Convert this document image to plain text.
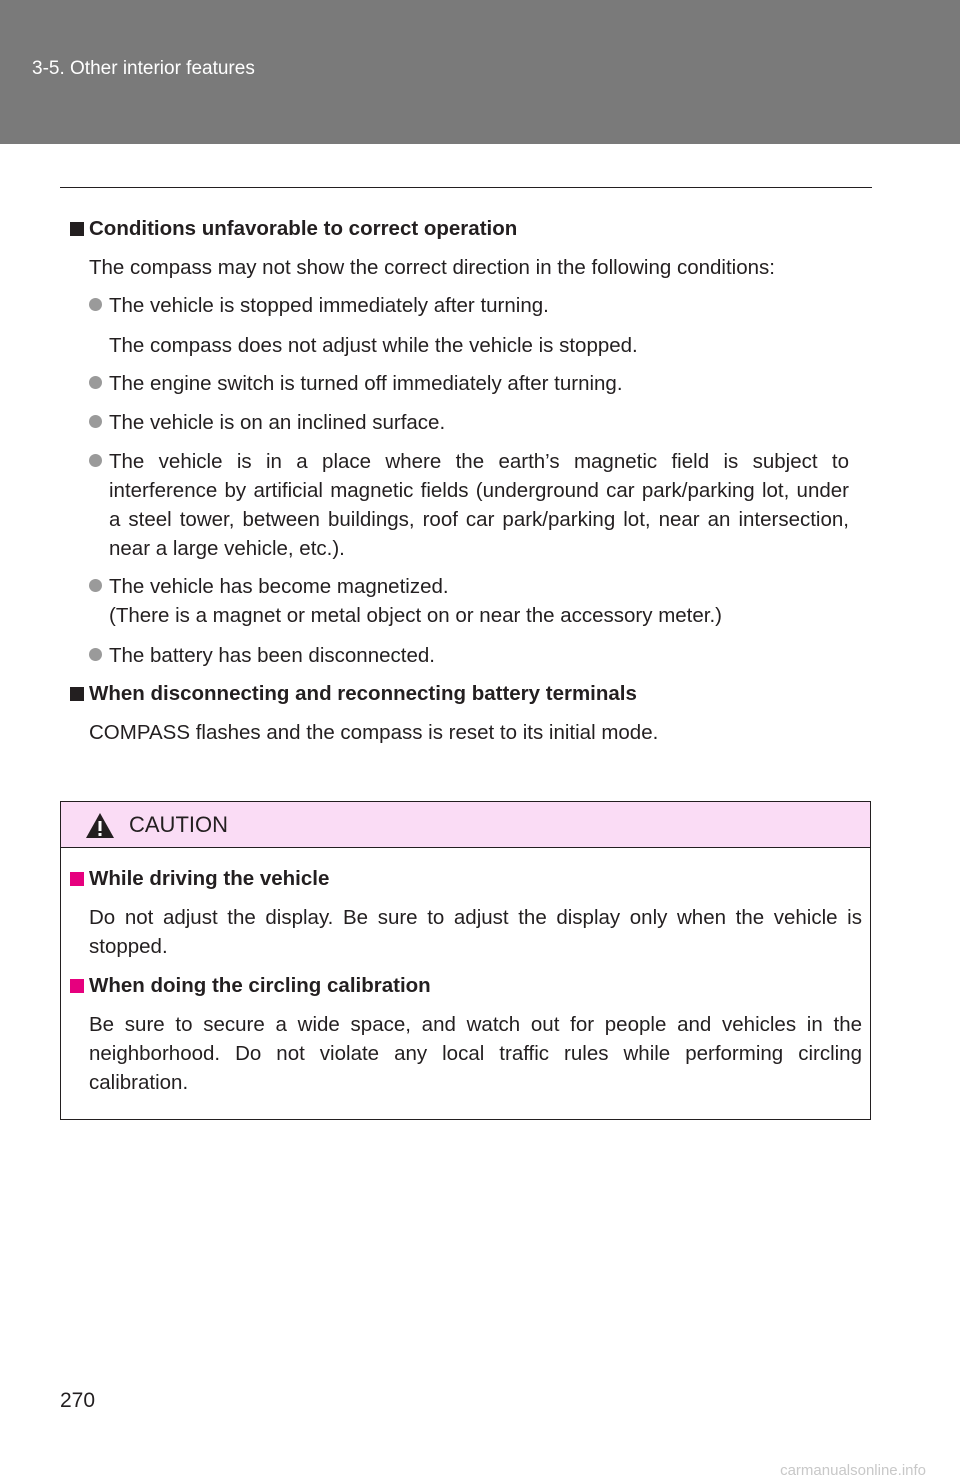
3-5. Other interior features
Conditions unfavorable to correct operation
The compass may not show the correct direction in the following conditions:
The vehicle is stopped immediately after turning.
The compass does not adjust while the vehicle is stopped.
The engine switch is turned off immediately after turning.
The vehicle is on an inclined surface.
The vehicle is in a place where the earth’s magnetic field is subject to interference by artificial magnetic fields (underground car park/parking lot, under a steel tower, between buildings, roof car park/parking lot, near an intersection, near a large vehicle, etc.).
The vehicle has become magnetized.
(There is a magnet or metal object on or near the accessory meter.)
The battery has been disconnected.
When disconnecting and reconnecting battery terminals
COMPASS flashes and the compass is reset to its initial mode.
CAUTION
While driving the vehicle
Do not adjust the display. Be sure to adjust the display only when the vehicle is stopped.
When doing the circling calibration
Be sure to secure a wide space, and watch out for people and vehicles in the neighborhood. Do not violate any local traffic rules while performing circling calibration.
270
carmanualsonline.info
